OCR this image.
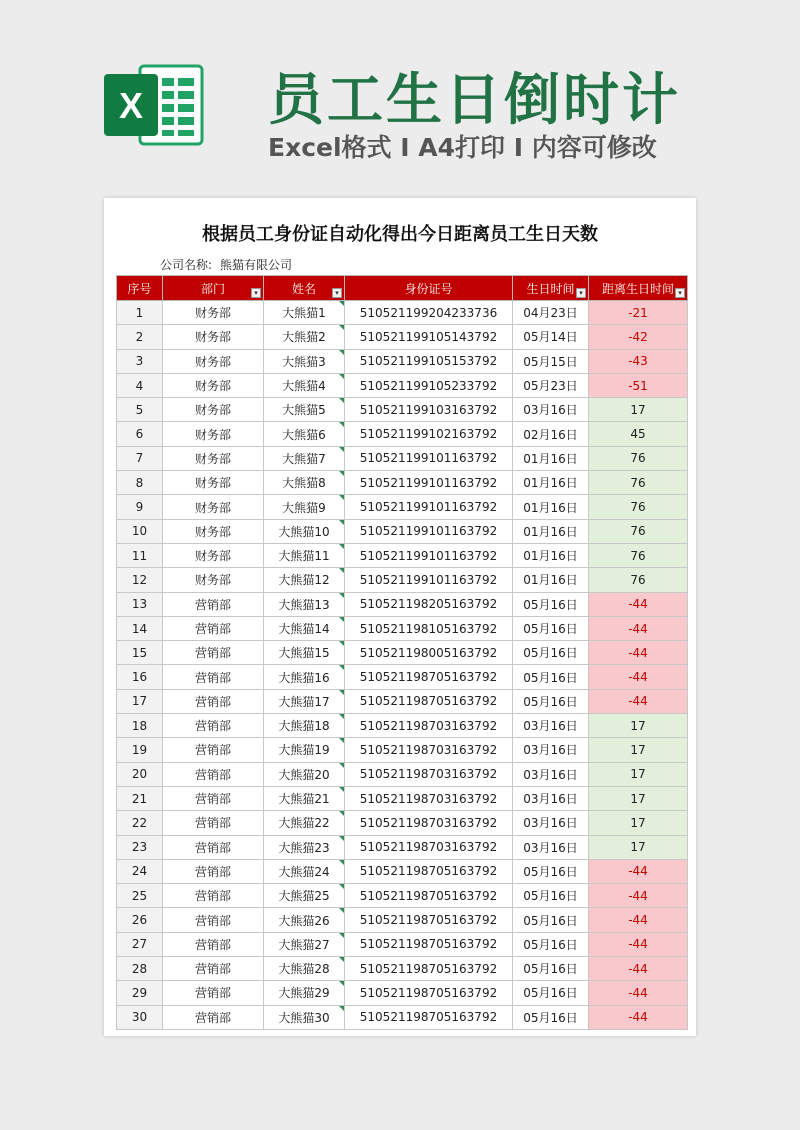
X 员工生日倒时计
Excel格式 Ⅰ A4打印 Ⅰ 内容可修改
根据员工身份证自动化得出今日距离员工生日天数
公司名称: 熊猫有限公司
序号	部门 ▾	姓名 ▾	身份证号	生日时间 ▾	距离生日时间 ▾

1	财务部	大熊猫1	510521199204233736	04月23日	-21
2	财务部	大熊猫2	510521199105143792	05月14日	-42
3	财务部	大熊猫3	510521199105153792	05月15日	-43
4	财务部	大熊猫4	510521199105233792	05月23日	-51
5	财务部	大熊猫5	510521199103163792	03月16日	17
6	财务部	大熊猫6	510521199102163792	02月16日	45
7	财务部	大熊猫7	510521199101163792	01月16日	76
8	财务部	大熊猫8	510521199101163792	01月16日	76
9	财务部	大熊猫9	510521199101163792	01月16日	76
10	财务部	大熊猫10	510521199101163792	01月16日	76
11	财务部	大熊猫11	510521199101163792	01月16日	76
12	财务部	大熊猫12	510521199101163792	01月16日	76
13	营销部	大熊猫13	510521198205163792	05月16日	-44
14	营销部	大熊猫14	510521198105163792	05月16日	-44
15	营销部	大熊猫15	510521198005163792	05月16日	-44
16	营销部	大熊猫16	510521198705163792	05月16日	-44
17	营销部	大熊猫17	510521198705163792	05月16日	-44
18	营销部	大熊猫18	510521198703163792	03月16日	17
19	营销部	大熊猫19	510521198703163792	03月16日	17
20	营销部	大熊猫20	510521198703163792	03月16日	17
21	营销部	大熊猫21	510521198703163792	03月16日	17
22	营销部	大熊猫22	510521198703163792	03月16日	17
23	营销部	大熊猫23	510521198703163792	03月16日	17
24	营销部	大熊猫24	510521198705163792	05月16日	-44
25	营销部	大熊猫25	510521198705163792	05月16日	-44
26	营销部	大熊猫26	510521198705163792	05月16日	-44
27	营销部	大熊猫27	510521198705163792	05月16日	-44
28	营销部	大熊猫28	510521198705163792	05月16日	-44
29	营销部	大熊猫29	510521198705163792	05月16日	-44
30	营销部	大熊猫30	510521198705163792	05月16日	-44
